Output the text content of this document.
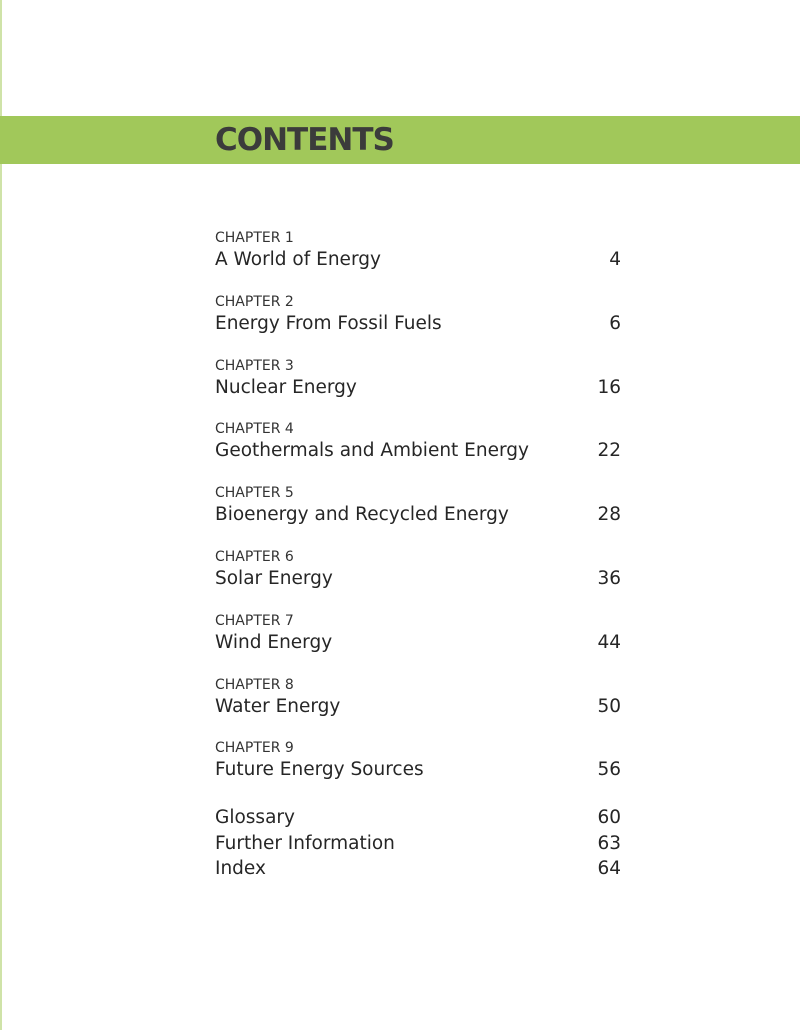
CONTENTS
CHAPTER 1
A World of Energy	4
CHAPTER 2
Energy From Fossil Fuels	6
CHAPTER 3
Nuclear Energy	16
CHAPTER 4
Geothermals and Ambient Energy	22
CHAPTER 5
Bioenergy and Recycled Energy	28
CHAPTER 6
Solar Energy	36
CHAPTER 7
Wind Energy	44
CHAPTER 8
Water Energy	50
CHAPTER 9
Future Energy Sources	56
Glossary	60
Further Information	63
Index	64
